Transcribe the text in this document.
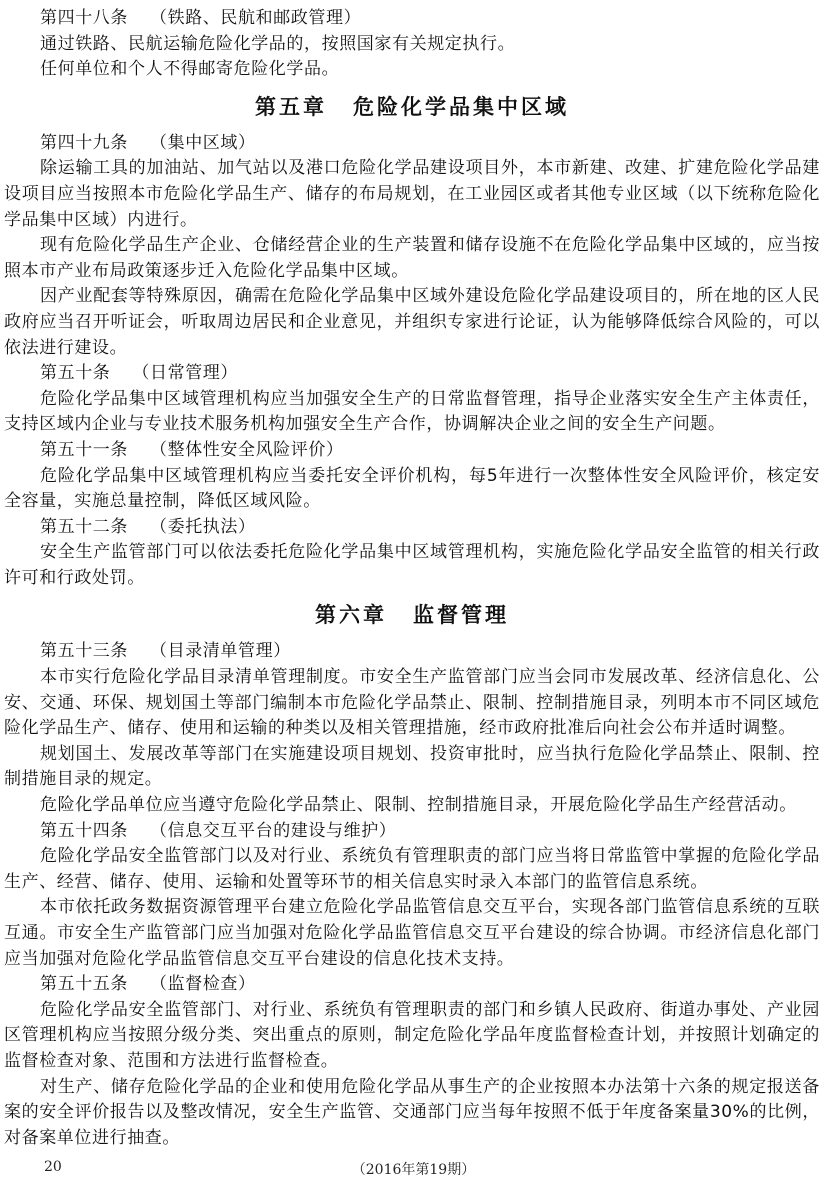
第四十八条 （铁路、民航和邮政管理）

通过铁路、民航运输危险化学品的，按照国家有关规定执行。

任何单位和个人不得邮寄危险化学品。

第五章 危险化学品集中区域

第四十九条 （集中区域）

除运输工具的加油站、加气站以及港口危险化学品建设项目外，本市新建、改建、扩建危险化学品建设项目应当按照本市危险化学品生产、储存的布局规划，在工业园区或者其他专业区域（以下统称危险化学品集中区域）内进行。

现有危险化学品生产企业、仓储经营企业的生产装置和储存设施不在危险化学品集中区域的，应当按照本市产业布局政策逐步迁入危险化学品集中区域。

因产业配套等特殊原因，确需在危险化学品集中区域外建设危险化学品建设项目的，所在地的区人民政府应当召开听证会，听取周边居民和企业意见，并组织专家进行论证，认为能够降低综合风险的，可以依法进行建设。

第五十条 （日常管理）

危险化学品集中区域管理机构应当加强安全生产的日常监督管理，指导企业落实安全生产主体责任，支持区域内企业与专业技术服务机构加强安全生产合作，协调解决企业之间的安全生产问题。

第五十一条 （整体性安全风险评价）

危险化学品集中区域管理机构应当委托安全评价机构，每5年进行一次整体性安全风险评价，核定安全容量，实施总量控制，降低区域风险。

第五十二条 （委托执法）

安全生产监管部门可以依法委托危险化学品集中区域管理机构，实施危险化学品安全监管的相关行政许可和行政处罚。

第六章 监督管理

第五十三条 （目录清单管理）

本市实行危险化学品目录清单管理制度。市安全生产监管部门应当会同市发展改革、经济信息化、公安、交通、环保、规划国土等部门编制本市危险化学品禁止、限制、控制措施目录，列明本市不同区域危险化学品生产、储存、使用和运输的种类以及相关管理措施，经市政府批准后向社会公布并适时调整。

规划国土、发展改革等部门在实施建设项目规划、投资审批时，应当执行危险化学品禁止、限制、控制措施目录的规定。

危险化学品单位应当遵守危险化学品禁止、限制、控制措施目录，开展危险化学品生产经营活动。

第五十四条 （信息交互平台的建设与维护）

危险化学品安全监管部门以及对行业、系统负有管理职责的部门应当将日常监管中掌握的危险化学品生产、经营、储存、使用、运输和处置等环节的相关信息实时录入本部门的监管信息系统。

本市依托政务数据资源管理平台建立危险化学品监管信息交互平台，实现各部门监管信息系统的互联互通。市安全生产监管部门应当加强对危险化学品监管信息交互平台建设的综合协调。市经济信息化部门应当加强对危险化学品监管信息交互平台建设的信息化技术支持。

第五十五条 （监督检查）

危险化学品安全监管部门、对行业、系统负有管理职责的部门和乡镇人民政府、街道办事处、产业园区管理机构应当按照分级分类、突出重点的原则，制定危险化学品年度监督检查计划，并按照计划确定的监督检查对象、范围和方法进行监督检查。

对生产、储存危险化学品的企业和使用危险化学品从事生产的企业按照本办法第十六条的规定报送备案的安全评价报告以及整改情况，安全生产监管、交通部门应当每年按照不低于年度备案量30%的比例，对备案单位进行抽查。

20	（2016年第19期）
